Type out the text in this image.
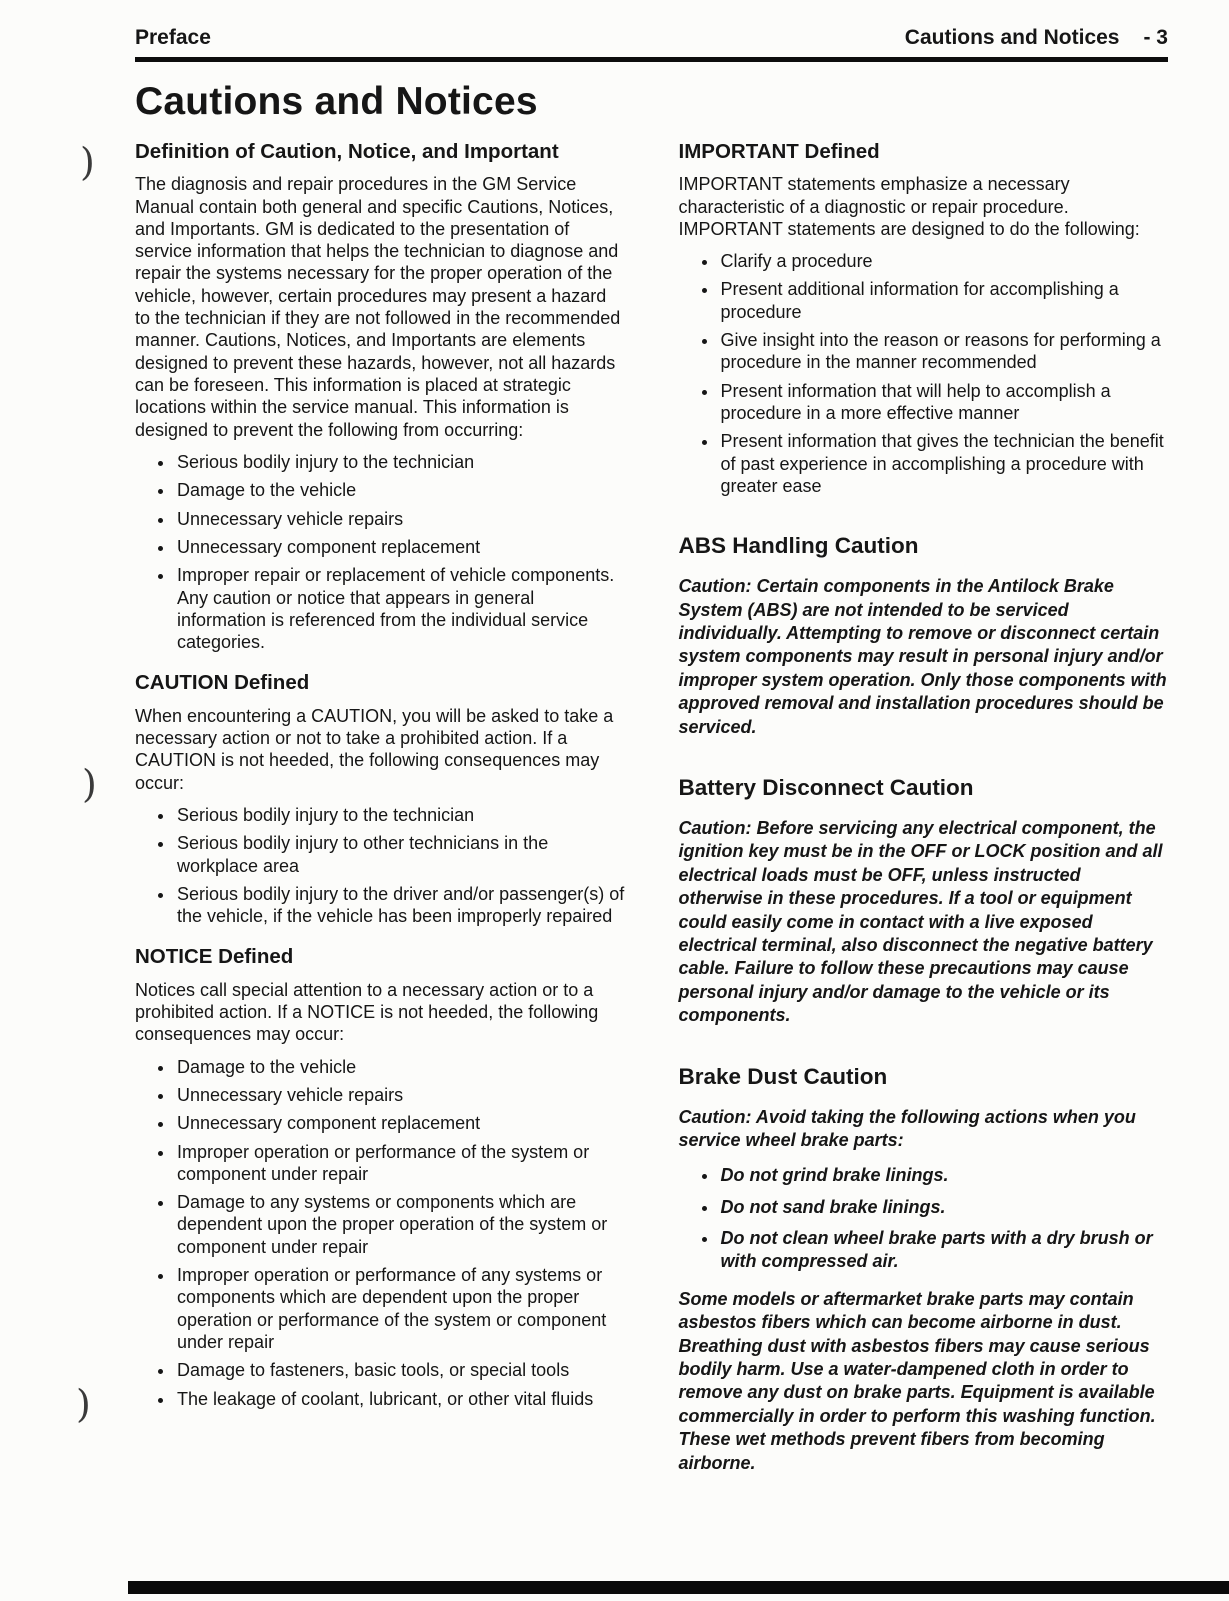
)
)
)
Preface	Cautions and Notices - 3
Cautions and Notices
Definition of Caution, Notice, and Important

The diagnosis and repair procedures in the GM Service Manual contain both general and specific Cautions, Notices, and Importants. GM is dedicated to the presentation of service information that helps the technician to diagnose and repair the systems necessary for the proper operation of the vehicle, however, certain procedures may present a hazard to the technician if they are not followed in the recommended manner. Cautions, Notices, and Importants are elements designed to prevent these hazards, however, not all hazards can be foreseen. This information is placed at strategic locations within the service manual. This information is designed to prevent the following from occurring:

• Serious bodily injury to the technician
• Damage to the vehicle
• Unnecessary vehicle repairs
• Unnecessary component replacement
• Improper repair or replacement of vehicle components. Any caution or notice that appears in general information is referenced from the individual service categories.
CAUTION Defined

When encountering a CAUTION, you will be asked to take a necessary action or not to take a prohibited action. If a CAUTION is not heeded, the following consequences may occur:

• Serious bodily injury to the technician
• Serious bodily injury to other technicians in the workplace area
• Serious bodily injury to the driver and/or passenger(s) of the vehicle, if the vehicle has been improperly repaired
NOTICE Defined

Notices call special attention to a necessary action or to a prohibited action. If a NOTICE is not heeded, the following consequences may occur:

• Damage to the vehicle
• Unnecessary vehicle repairs
• Unnecessary component replacement
• Improper operation or performance of the system or component under repair
• Damage to any systems or components which are dependent upon the proper operation of the system or component under repair
• Improper operation or performance of any systems or components which are dependent upon the proper operation or performance of the system or component under repair
• Damage to fasteners, basic tools, or special tools
• The leakage of coolant, lubricant, or other vital fluids
IMPORTANT Defined

IMPORTANT statements emphasize a necessary characteristic of a diagnostic or repair procedure. IMPORTANT statements are designed to do the following:

• Clarify a procedure
• Present additional information for accomplishing a procedure
• Give insight into the reason or reasons for performing a procedure in the manner recommended
• Present information that will help to accomplish a procedure in a more effective manner
• Present information that gives the technician the benefit of past experience in accomplishing a procedure with greater ease
ABS Handling Caution

Caution: Certain components in the Antilock Brake System (ABS) are not intended to be serviced individually. Attempting to remove or disconnect certain system components may result in personal injury and/or improper system operation. Only those components with approved removal and installation procedures should be serviced.

Battery Disconnect Caution

Caution: Before servicing any electrical component, the ignition key must be in the OFF or LOCK position and all electrical loads must be OFF, unless instructed otherwise in these procedures. If a tool or equipment could easily come in contact with a live exposed electrical terminal, also disconnect the negative battery cable. Failure to follow these precautions may cause personal injury and/or damage to the vehicle or its components.

Brake Dust Caution

Caution: Avoid taking the following actions when you service wheel brake parts:

• Do not grind brake linings.
• Do not sand brake linings.
• Do not clean wheel brake parts with a dry brush or with compressed air.

Some models or aftermarket brake parts may contain asbestos fibers which can become airborne in dust. Breathing dust with asbestos fibers may cause serious bodily harm. Use a water-dampened cloth in order to remove any dust on brake parts. Equipment is available commercially in order to perform this washing function. These wet methods prevent fibers from becoming airborne.
